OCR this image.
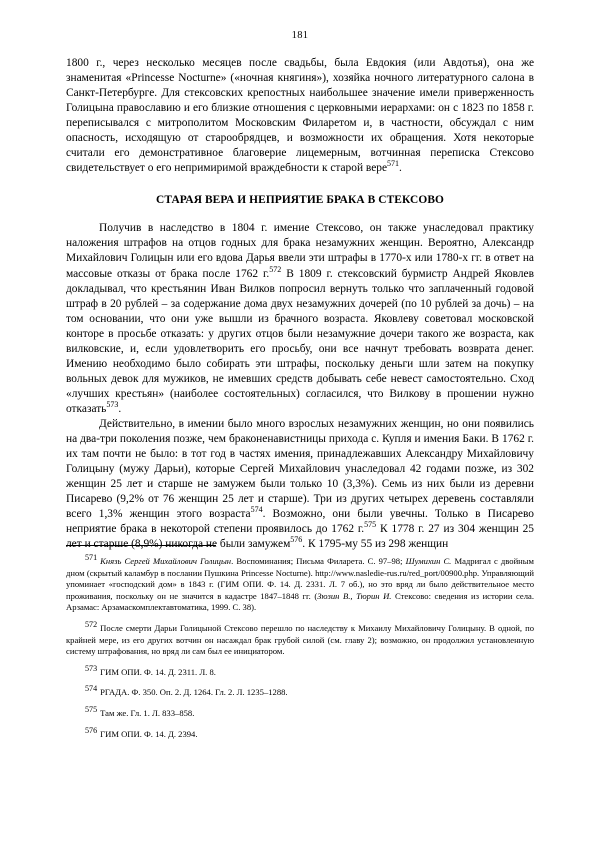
181

1800 г., через несколько месяцев после свадьбы, была Евдокия (или Авдотья), она же знаменитая «Princesse Nocturne» («ночная княгиня»), хозяйка ночного литературного салона в Санкт-Петербурге. Для стексовских крепостных наибольшее значение имели приверженность Голицына православию и его близкие отношения с церковными иерархами: он с 1823 по 1858 г. переписывался с митрополитом Московским Филаретом и, в частности, обсуждал с ним опасность, исходящую от старообрядцев, и возможности их обращения. Хотя некоторые считали его демонстративное благоверие лицемерным, вотчинная переписка Стексово свидетельствует о его непримиримой враждебности к старой вере$^{571}$.

СТАРАЯ ВЕРА И НЕПРИЯТИЕ БРАКА В СТЕКСОВО

Получив в наследство в 1804 г. имение Стексово, он также унаследовал практику наложения штрафов на отцов годных для брака незамужних женщин. Вероятно, Александр Михайлович Голицын или его вдова Дарья ввели эти штрафы в 1770-х или 1780-х гг. в ответ на массовые отказы от брака после 1762 г.$^{572}$ В 1809 г. стексовский бурмистр Андрей Яковлев докладывал, что крестьянин Иван Вилков попросил вернуть только что заплаченный годовой штраф в 20 рублей – за содержание дома двух незамужних дочерей (по 10 рублей за дочь) – на том основании, что они уже вышли из брачного возраста. Яковлеву советовал московской конторе в просьбе отказать: у других отцов были незамужние дочери такого же возраста, как вилковские, и, если удовлетворить его просьбу, они все начнут требовать возврата денег. Имению необходимо было собирать эти штрафы, поскольку деньги шли затем на покупку вольных девок для мужиков, не имевших средств добывать себе невест самостоятельно. Сход «лучших крестьян» (наиболее состоятельных) согласился, что Вилкову в прошении нужно отказать$^{573}$.

Действительно, в имении было много взрослых незамужних женщин, но они появились на два-три поколения позже, чем браконенавистницы прихода с. Купля и имения Баки. В 1762 г. их там почти не было: в тот год в частях имения, принадлежавших Александру Михайловичу Голицыну (мужу Дарьи), которые Сергей Михайлович унаследовал 42 годами позже, из 302 женщин 25 лет и старше не замужем были только 10 (3,3%). Семь из них были из деревни Писарево (9,2% от 76 женщин 25 лет и старше). Три из других четырех деревень составляли всего 1,3% женщин этого возраста$^{574}$. Возможно, они были увечны. Только в Писарево неприятие брака в некоторой степени проявилось до 1762 г.$^{575}$ К 1778 г. 27 из 304 женщин 25 лет и старше (8,9%) никогда не были замужем$^{576}$. К 1795-му 55 из 298 женщин

571 Князь Сергей Михайлович Голицын. Воспоминания; Письма Филарета. С. 97–98; Шумихин С. Мадригал с двойным дном (скрытый каламбур в послании Пушкина Princesse Nocturne). http://www.nasledie-rus.ru/red_port/00900.php. Управляющий упоминает «господский дом» в 1843 г. (ГИМ ОПИ. Ф. 14. Д. 2331. Л. 7 об.), но это вряд ли было действительное место проживания, поскольку он не значится в кадастре 1847–1848 гг. (Зюзин В., Тюрин И. Стексово: сведения из истории села. Арзамас: Арзамаскомплектавтоматика, 1999. С. 38).

572 После смерти Дарьи Голицыной Стексово перешло по наследству к Михаилу Михайловичу Голицыну. В одной, по крайней мере, из его других вотчин он насаждал брак грубой силой (см. главу 2); возможно, он продолжил установленную систему штрафования, но вряд ли сам был ее инициатором.

573 ГИМ ОПИ. Ф. 14. Д. 2311. Л. 8.

574 РГАДА. Ф. 350. Оп. 2. Д. 1264. Гл. 2. Л. 1235–1288.

575 Там же. Гл. 1. Л. 833–858.

576 ГИМ ОПИ. Ф. 14. Д. 2394.
